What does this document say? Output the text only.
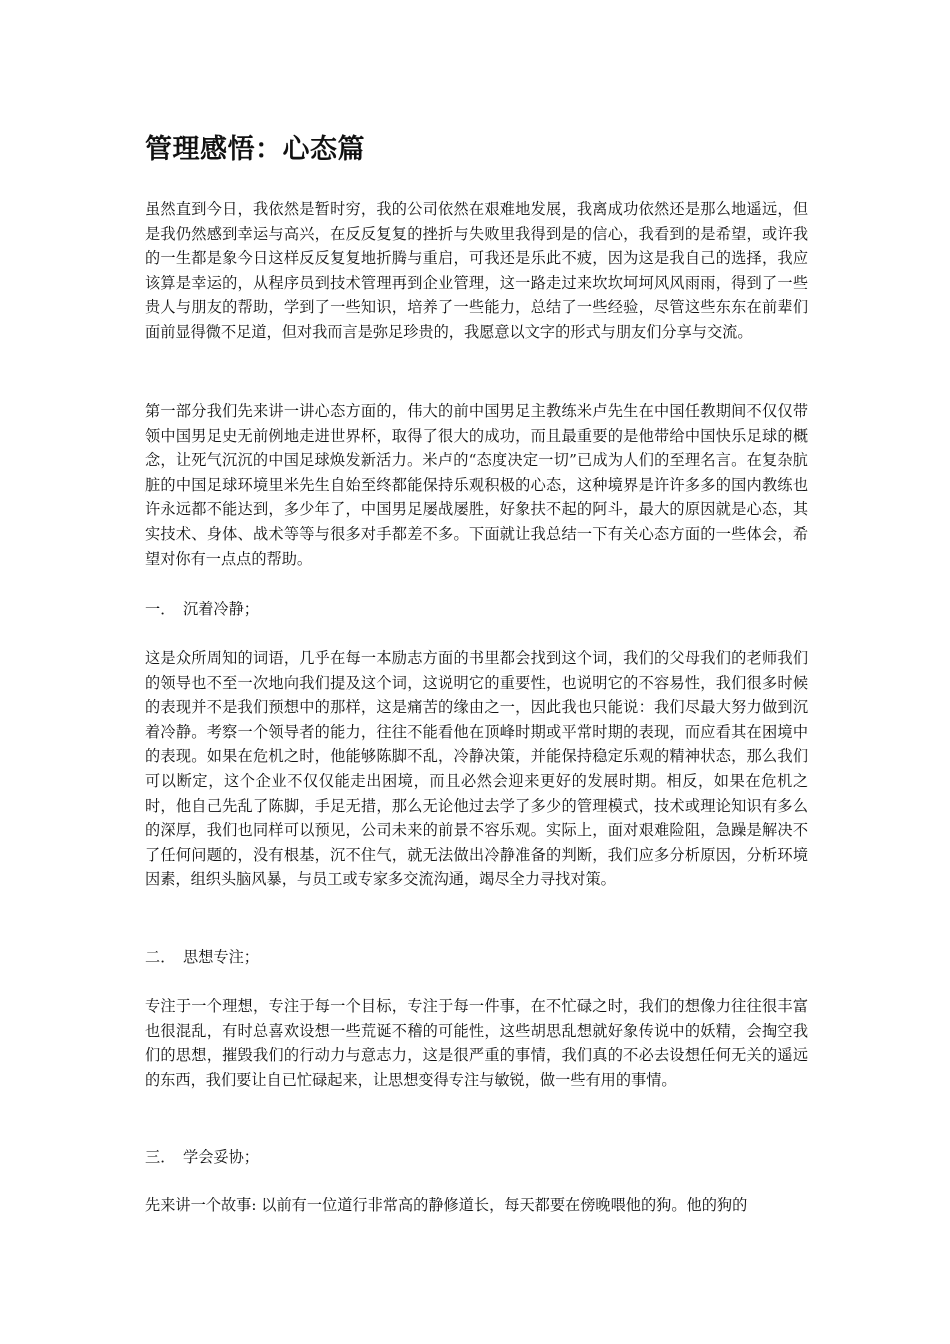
管理感悟：心态篇

虽然直到今日，我依然是暂时穷，我的公司依然在艰难地发展，我离成功依然还是那么地遥远，但是我仍然感到幸运与高兴，在反反复复的挫折与失败里我得到是的信心，我看到的是希望，或许我的一生都是象今日这样反反复复地折腾与重启，可我还是乐此不疲，因为这是我自己的选择，我应该算是幸运的，从程序员到技术管理再到企业管理，这一路走过来坎坎坷坷风风雨雨，得到了一些贵人与朋友的帮助，学到了一些知识，培养了一些能力，总结了一些经验，尽管这些东东在前辈们面前显得微不足道，但对我而言是弥足珍贵的，我愿意以文字的形式与朋友们分享与交流。

第一部分我们先来讲一讲心态方面的，伟大的前中国男足主教练米卢先生在中国任教期间不仅仅带领中国男足史无前例地走进世界杯，取得了很大的成功，而且最重要的是他带给中国快乐足球的概念，让死气沉沉的中国足球焕发新活力。米卢的“态度决定一切”已成为人们的至理名言。在复杂肮脏的中国足球环境里米先生自始至终都能保持乐观积极的心态，这种境界是许许多多的国内教练也许永远都不能达到，多少年了，中国男足屡战屡胜，好象扶不起的阿斗，最大的原因就是心态，其实技术、身体、战术等等与很多对手都差不多。下面就让我总结一下有关心态方面的一些体会，希望对你有一点点的帮助。

一． 沉着冷静；

这是众所周知的词语，几乎在每一本励志方面的书里都会找到这个词，我们的父母我们的老师我们的领导也不至一次地向我们提及这个词，这说明它的重要性，也说明它的不容易性，我们很多时候的表现并不是我们预想中的那样，这是痛苦的缘由之一，因此我也只能说：我们尽最大努力做到沉着冷静。考察一个领导者的能力，往往不能看他在顶峰时期或平常时期的表现，而应看其在困境中的表现。如果在危机之时，他能够陈脚不乱，冷静决策，并能保持稳定乐观的精神状态，那么我们可以断定，这个企业不仅仅能走出困境，而且必然会迎来更好的发展时期。相反，如果在危机之时，他自己先乱了陈脚，手足无措，那么无论他过去学了多少的管理模式，技术或理论知识有多么的深厚，我们也同样可以预见，公司未来的前景不容乐观。实际上，面对艰难险阻，急躁是解决不了任何问题的，没有根基，沉不住气，就无法做出冷静准备的判断，我们应多分析原因，分析环境因素，组织头脑风暴，与员工或专家多交流沟通，竭尽全力寻找对策。

二． 思想专注；

专注于一个理想，专注于每一个目标，专注于每一件事，在不忙碌之时，我们的想像力往往很丰富也很混乱，有时总喜欢设想一些荒诞不稽的可能性，这些胡思乱想就好象传说中的妖精，会掏空我们的思想，摧毁我们的行动力与意志力，这是很严重的事情，我们真的不必去设想任何无关的遥远的东西，我们要让自已忙碌起来，让思想变得专注与敏锐，做一些有用的事情。

三． 学会妥协；

先来讲一个故事: 以前有一位道行非常高的静修道长，每天都要在傍晚喂他的狗。他的狗的
